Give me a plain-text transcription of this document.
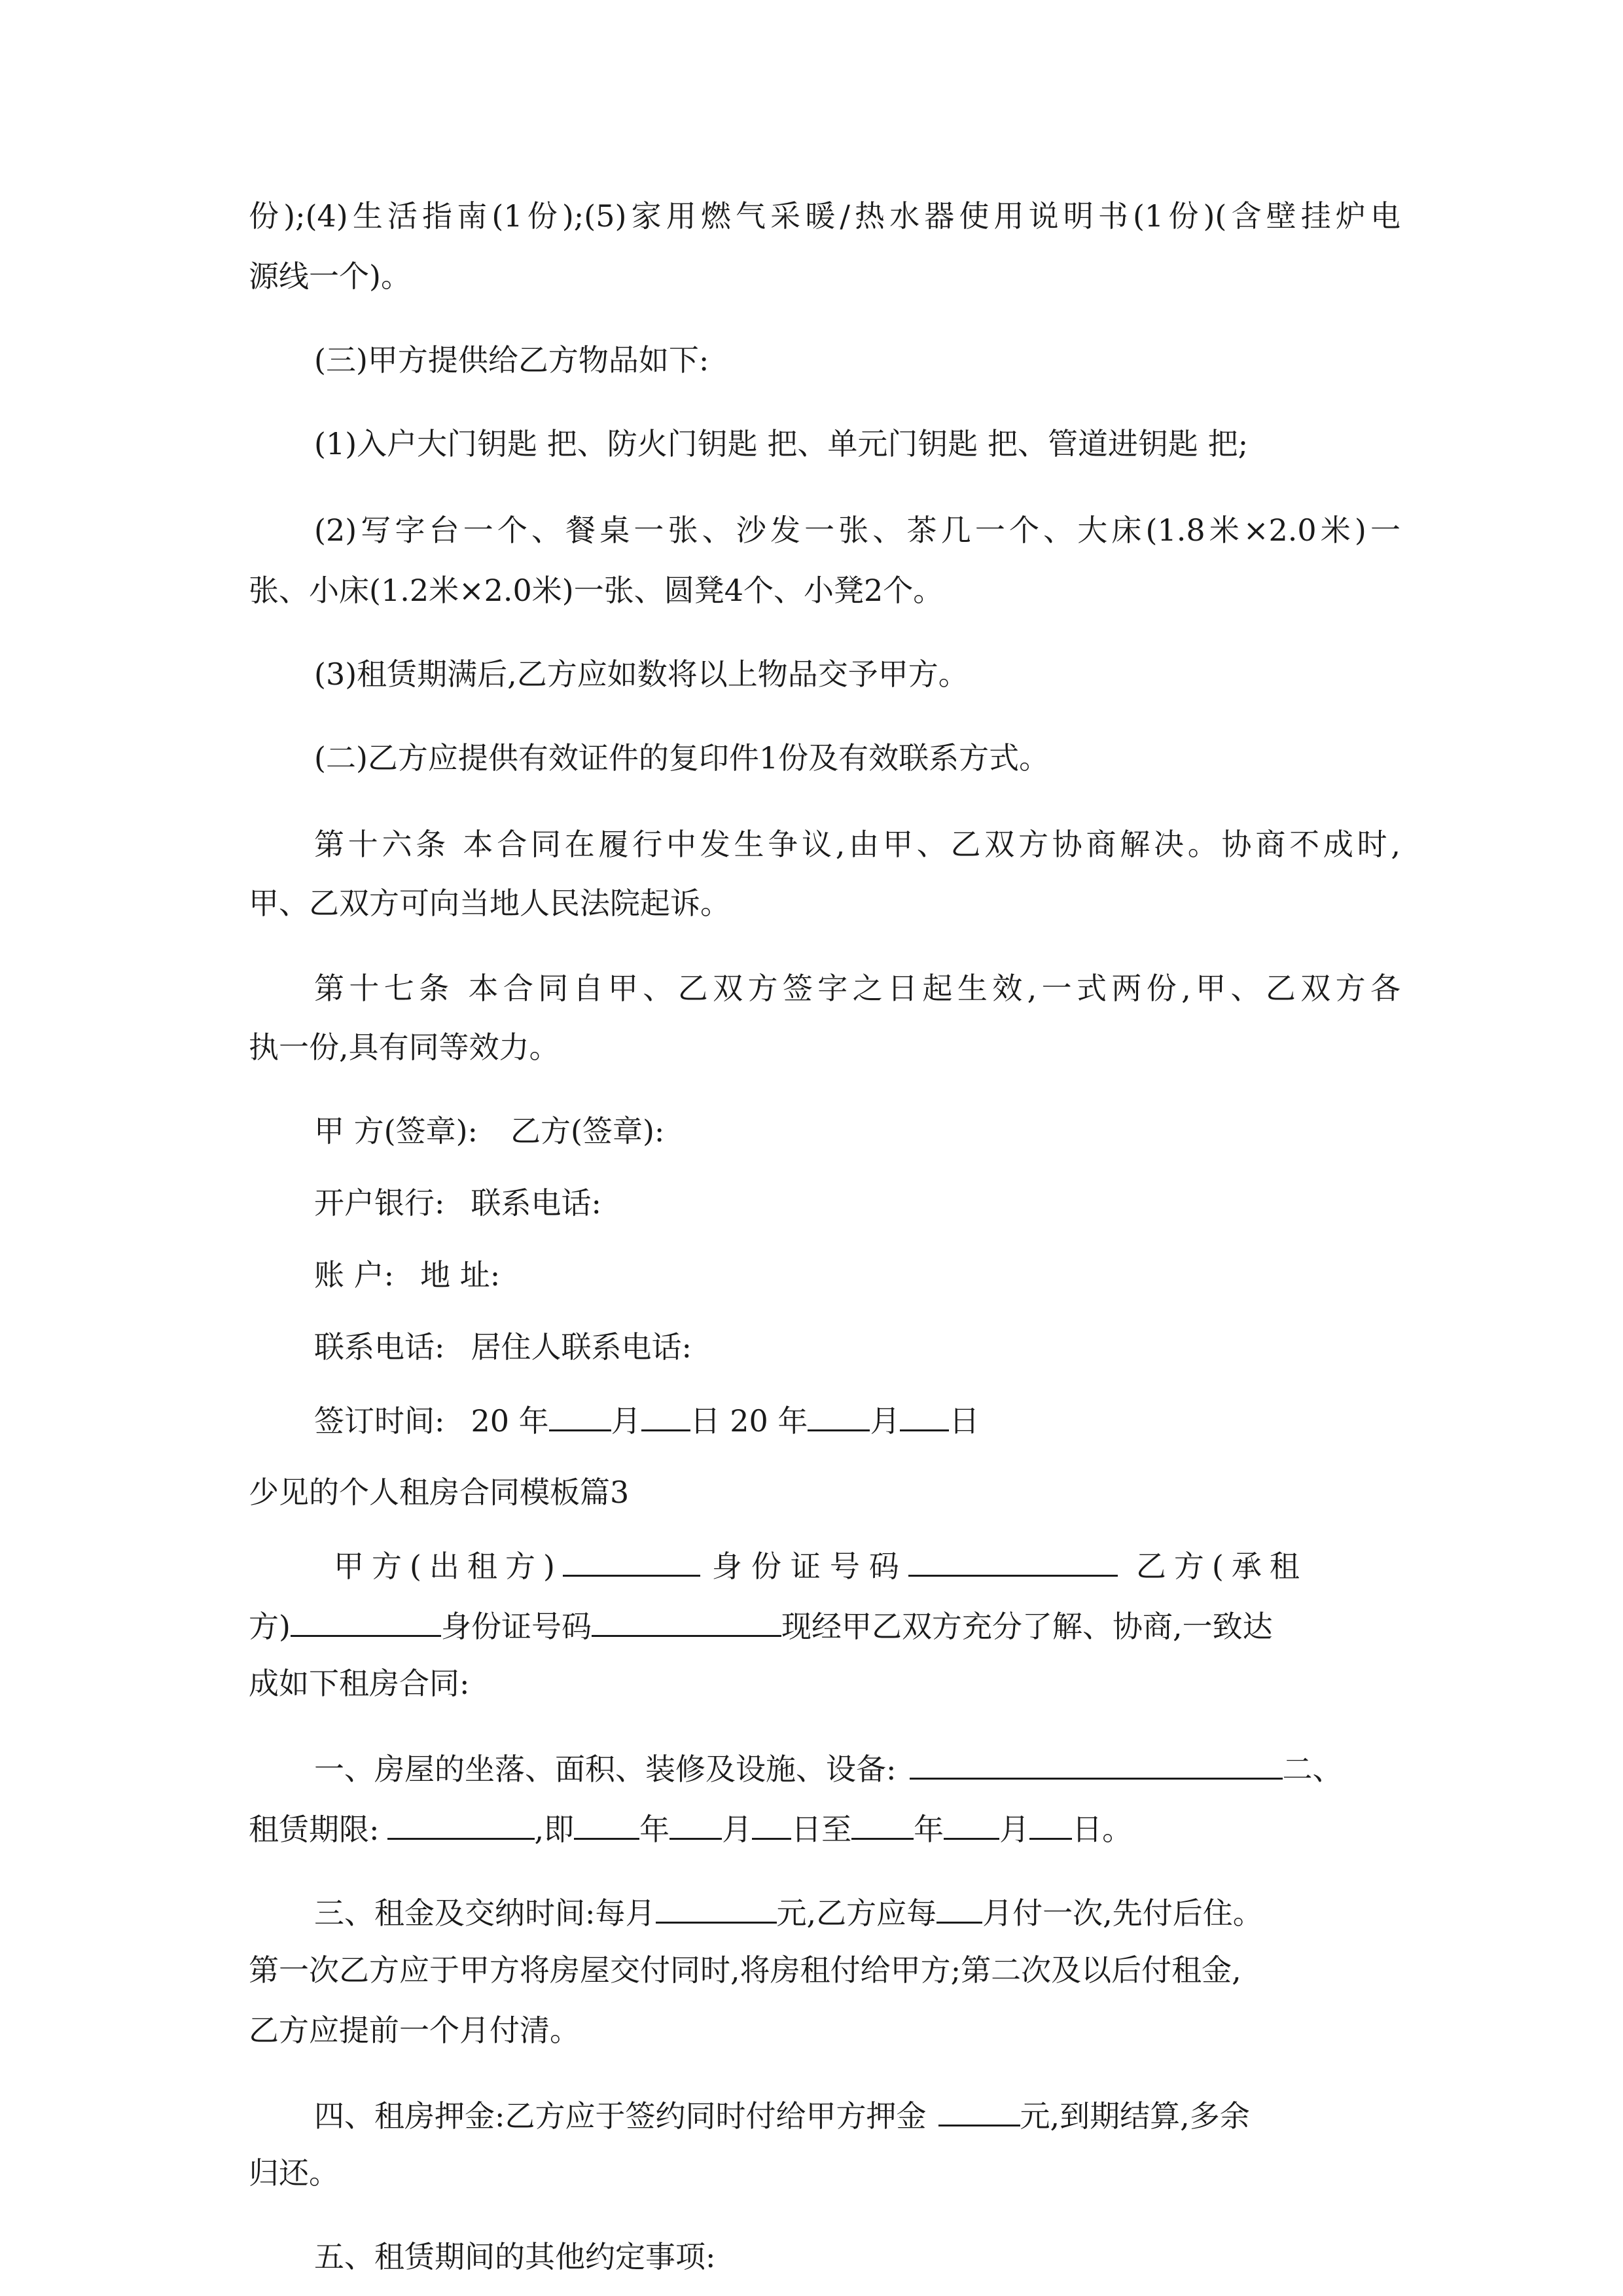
份);(4)生活指南(1份);(5)家用燃气采暖/热水器使用说明书(1份)(含壁挂炉电
源线一个)。
(三)甲方提供给乙方物品如下:
(1)入户大门钥匙 把、防火门钥匙 把、单元门钥匙 把、管道进钥匙 把;
(2)写字台一个、餐桌一张、沙发一张、茶几一个、大床(1.8米×2.0米)一
张、小床(1.2米×2.0米)一张、圆凳4个、小凳2个。
(3)租赁期满后,乙方应如数将以上物品交予甲方。
(二)乙方应提供有效证件的复印件1份及有效联系方式。
第十六条 本合同在履行中发生争议,由甲、乙双方协商解决。协商不成时,
甲、乙双方可向当地人民法院起诉。
第十七条 本合同自甲、乙双方签字之日起生效,一式两份,甲、乙双方各
执一份,具有同等效力。
甲 方(签章): 乙方(签章):
开户银行: 联系电话:
账 户: 地 址:
联系电话: 居住人联系电话:
签订时间: 20 年 月 日 20 年 月 日
少见的个人租房合同模板篇3
甲方(出租方)	身份证号码	乙方(承租
方)	身份证号码	现经甲乙双方充分了解、协商,一致达
成如下租房合同:
一、房屋的坐落、面积、装修及设施、设备:	二、
租赁期限:	,即 年 月 日至 年 月 日。
三、租金及交纳时间:每月	元,乙方应每 月付一次,先付后住。
第一次乙方应于甲方将房屋交付同时,将房租付给甲方;第二次及以后付租金,
乙方应提前一个月付清。
四、租房押金:乙方应于签约同时付给甲方押金	元,到期结算,多余
归还。
五、租赁期间的其他约定事项:
